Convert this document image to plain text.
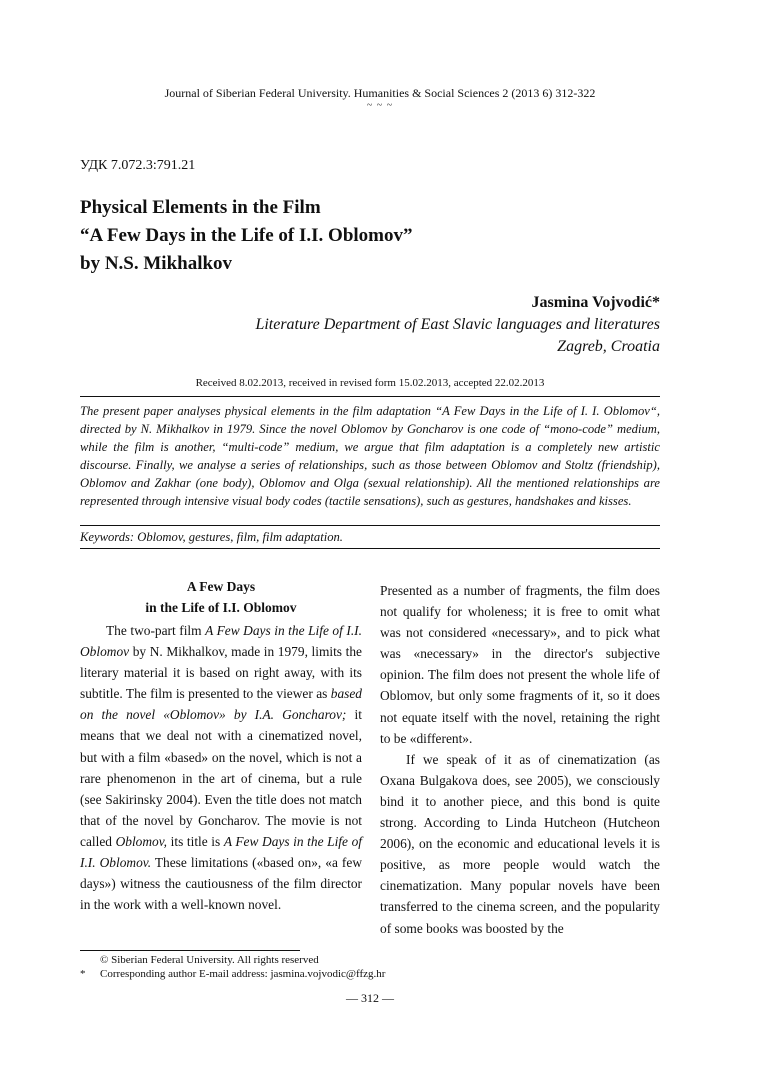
Journal of Siberian Federal University. Humanities & Social Sciences 2 (2013 6) 312-322
~ ~ ~
УДК 7.072.3:791.21
Physical Elements in the Film
“A Few Days in the Life of I.I. Oblomov”
by N.S. Mikhalkov
Jasmina Vojvodić*
Literature Department of East Slavic languages and literatures
Zagreb, Croatia
Received 8.02.2013, received in revised form 15.02.2013, accepted 22.02.2013
The present paper analyses physical elements in the film adaptation “A Few Days in the Life of I. I. Oblomov“, directed by N. Mikhalkov in 1979. Since the novel Oblomov by Goncharov is one code of “mono-code” medium, while the film is another, “multi-code” medium, we argue that film adaptation is a completely new artistic discourse. Finally, we analyse a series of relationships, such as those between Oblomov and Stoltz (friendship), Oblomov and Zakhar (one body), Oblomov and Olga (sexual relationship). All the mentioned relationships are represented through intensive visual body codes (tactile sensations), such as gestures, handshakes and kisses.
Keywords: Oblomov, gestures, film, film adaptation.
A Few Days
in the Life of I.I. Oblomov

The two-part film A Few Days in the Life of I.I. Oblomov by N. Mikhalkov, made in 1979, limits the literary material it is based on right away, with its subtitle. The film is presented to the viewer as based on the novel «Oblomov» by I.A. Goncharov; it means that we deal not with a cinematized novel, but with a film «based» on the novel, which is not a rare phenomenon in the art of cinema, but a rule (see Sakirinsky 2004). Even the title does not match that of the novel by Goncharov. The movie is not called Oblomov, its title is A Few Days in the Life of I.I. Oblomov. These limitations («based on», «a few days») witness the cautiousness of the film director in the work with a well-known novel.

Presented as a number of fragments, the film does not qualify for wholeness; it is free to omit what was not considered «necessary», and to pick what was «necessary» in the director's subjective opinion. The film does not present the whole life of Oblomov, but only some fragments of it, so it does not equate itself with the novel, retaining the right to be «different».

If we speak of it as of cinematization (as Oxana Bulgakova does, see 2005), we consciously bind it to another piece, and this bond is quite strong. According to Linda Hutcheon (Hutcheon 2006), on the economic and educational levels it is positive, as more people would watch the cinematization. Many popular novels have been transferred to the cinema screen, and the popularity of some books was boosted by the

© Siberian Federal University. All rights reserved
* Corresponding author E-mail address: jasmina.vojvodic@ffzg.hr
— 312 —
